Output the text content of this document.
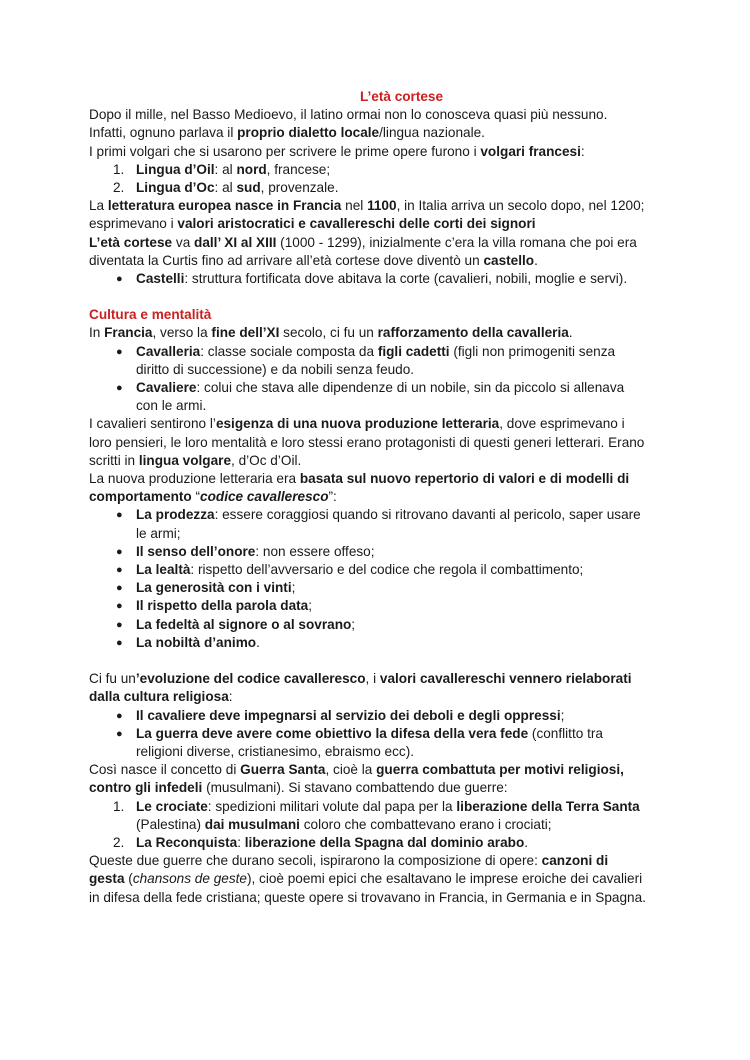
L’età cortese

Dopo il mille, nel Basso Medioevo, il latino ormai non lo conosceva quasi più nessuno.

Infatti, ognuno parlava il proprio dialetto locale/lingua nazionale.

I primi volgari che si usarono per scrivere le prime opere furono i volgari francesi:

1. Lingua d’Oil: al nord, francese;
2. Lingua d’Oc: al sud, provenzale.

La letteratura europea nasce in Francia nel 1100, in Italia arriva un secolo dopo, nel 1200;

esprimevano i valori aristocratici e cavallereschi delle corti dei signori

L’età cortese va dall’ XI al XIII (1000 - 1299), inizialmente c’era la villa romana che poi era

diventata la Curtis fino ad arrivare all’età cortese dove diventò un castello.

● Castelli: struttura fortificata dove abitava la corte (cavalieri, nobili, moglie e servi).

Cultura e mentalità

In Francia, verso la fine dell’XI secolo, ci fu un rafforzamento della cavalleria.

● Cavalleria: classe sociale composta da figli cadetti (figli non primogeniti senza
diritto di successione) e da nobili senza feudo.
● Cavaliere: colui che stava alle dipendenze di un nobile, sin da piccolo si allenava
con le armi.

I cavalieri sentirono l’esigenza di una nuova produzione letteraria, dove esprimevano i

loro pensieri, le loro mentalità e loro stessi erano protagonisti di questi generi letterari. Erano

scritti in lingua volgare, d’Oc d’Oil.

La nuova produzione letteraria era basata sul nuovo repertorio di valori e di modelli di

comportamento “codice cavalleresco”:

● La prodezza: essere coraggiosi quando si ritrovano davanti al pericolo, saper usare
le armi;
● Il senso dell’onore: non essere offeso;
● La lealtà: rispetto dell’avversario e del codice che regola il combattimento;
● La generosità con i vinti;
● Il rispetto della parola data;
● La fedeltà al signore o al sovrano;
● La nobiltà d’animo.

Ci fu un’evoluzione del codice cavalleresco, i valori cavallereschi vennero rielaborati

dalla cultura religiosa:

● Il cavaliere deve impegnarsi al servizio dei deboli e degli oppressi;
● La guerra deve avere come obiettivo la difesa della vera fede (conflitto tra
religioni diverse, cristianesimo, ebraismo ecc).

Così nasce il concetto di Guerra Santa, cioè la guerra combattuta per motivi religiosi,

contro gli infedeli (musulmani). Si stavano combattendo due guerre:

1. Le crociate: spedizioni militari volute dal papa per la liberazione della Terra Santa
(Palestina) dai musulmani coloro che combattevano erano i crociati;
2. La Reconquista: liberazione della Spagna dal dominio arabo.

Queste due guerre che durano secoli, ispirarono la composizione di opere: canzoni di

gesta (chansons de geste), cioè poemi epici che esaltavano le imprese eroiche dei cavalieri

in difesa della fede cristiana; queste opere si trovavano in Francia, in Germania e in Spagna.
